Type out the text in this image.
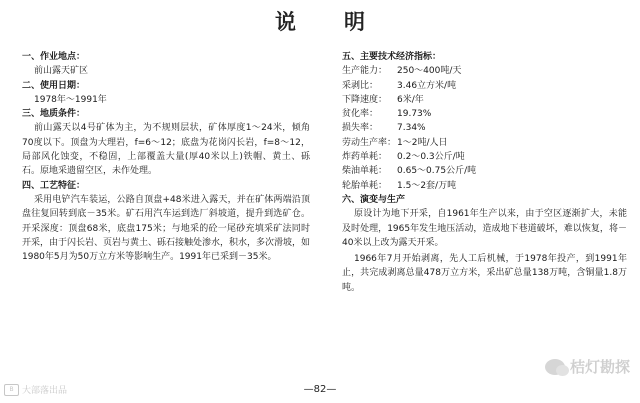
说明
一、作业地点：
前山露天矿区
二、使用日期：
1978年～1991年
三、地质条件：
前山露天以4号矿体为主，为不规则层状，矿体厚度1～24米，倾角70度以下。顶盘为大理岩，f=6～12；底盘为花岗闪长岩，f=8～12，局部风化蚀变，不稳固，上部覆盖大量(厚40米以上)铁帽、黄土、砾石。原地采遗留空区，未作处理。
四、工艺特征：
采用电铲汽车装运，公路自顶盘+48米进入露天，并在矿体两端沿顶盘往复回转到底－35米。矿石用汽车运到选厂斜坡道，提升到选矿仓。开采深度：顶盘68米，底盘175米；与地采的砼一尾砂充填采矿法同时开采，由于闪长岩、页岩与黄土、砾石接触处渗水，积水，多次滑坡，如1980年5月为50万立方米等影响生产。1991年已采到－35米。
五、主要技术经济指标：
生产能力：	250～400吨/天
采剥比：	3.46立方米/吨
下降速度：	6米/年
贫化率：	19.73%
损失率：	7.34%
劳动生产率： 1～2吨/人日
炸药单耗：	0.2～0.3公斤/吨
柴油单耗：	0.65～0.75公斤/吨
轮胎单耗：	1.5～2套/万吨
六、演变与生产
原设计为地下开采，自1961年生产以来，由于空区逐渐扩大，未能及时处理，1965年发生地压活动，造成地下巷道破坏，难以恢复，将－40米以上改为露天开采。
1966年7月开始剥离，先人工后机械，于1978年投产，到1991年止，共完成剥离总量478万立方米，采出矿总量138万吨，含铜量1.8万吨。
B 大部落出品	—82—
桔灯勘探
